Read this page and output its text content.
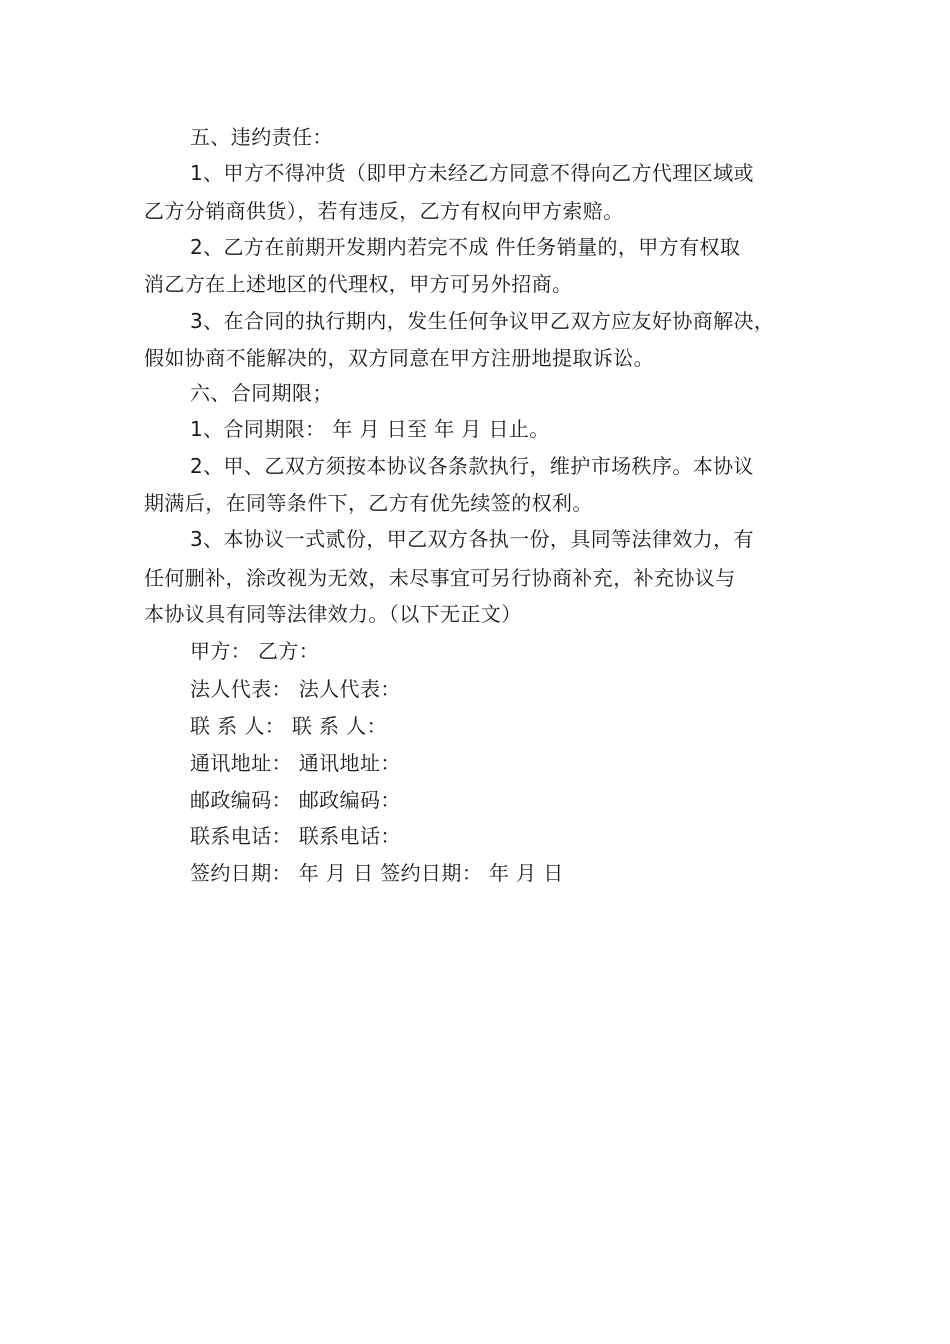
五、违约责任：
1、甲方不得冲货（即甲方未经乙方同意不得向乙方代理区域或
乙方分销商供货），若有违反，乙方有权向甲方索赔。
2、乙方在前期开发期内若完不成 件任务销量的，甲方有权取
消乙方在上述地区的代理权，甲方可另外招商。
3、在合同的执行期内，发生任何争议甲乙双方应友好协商解决，
假如协商不能解决的，双方同意在甲方注册地提取诉讼。
六、合同期限；
1、合同期限： 年 月 日至 年 月 日止。
2、甲、乙双方须按本协议各条款执行，维护市场秩序。本协议
期满后，在同等条件下，乙方有优先续签的权利。
3、本协议一式贰份，甲乙双方各执一份，具同等法律效力，有
任何删补，涂改视为无效，未尽事宜可另行协商补充，补充协议与
本协议具有同等法律效力。（以下无正文）
甲方： 乙方：
法人代表： 法人代表：
联 系 人： 联 系 人：
通讯地址： 通讯地址：
邮政编码： 邮政编码：
联系电话： 联系电话：
签约日期： 年 月 日 签约日期： 年 月 日
